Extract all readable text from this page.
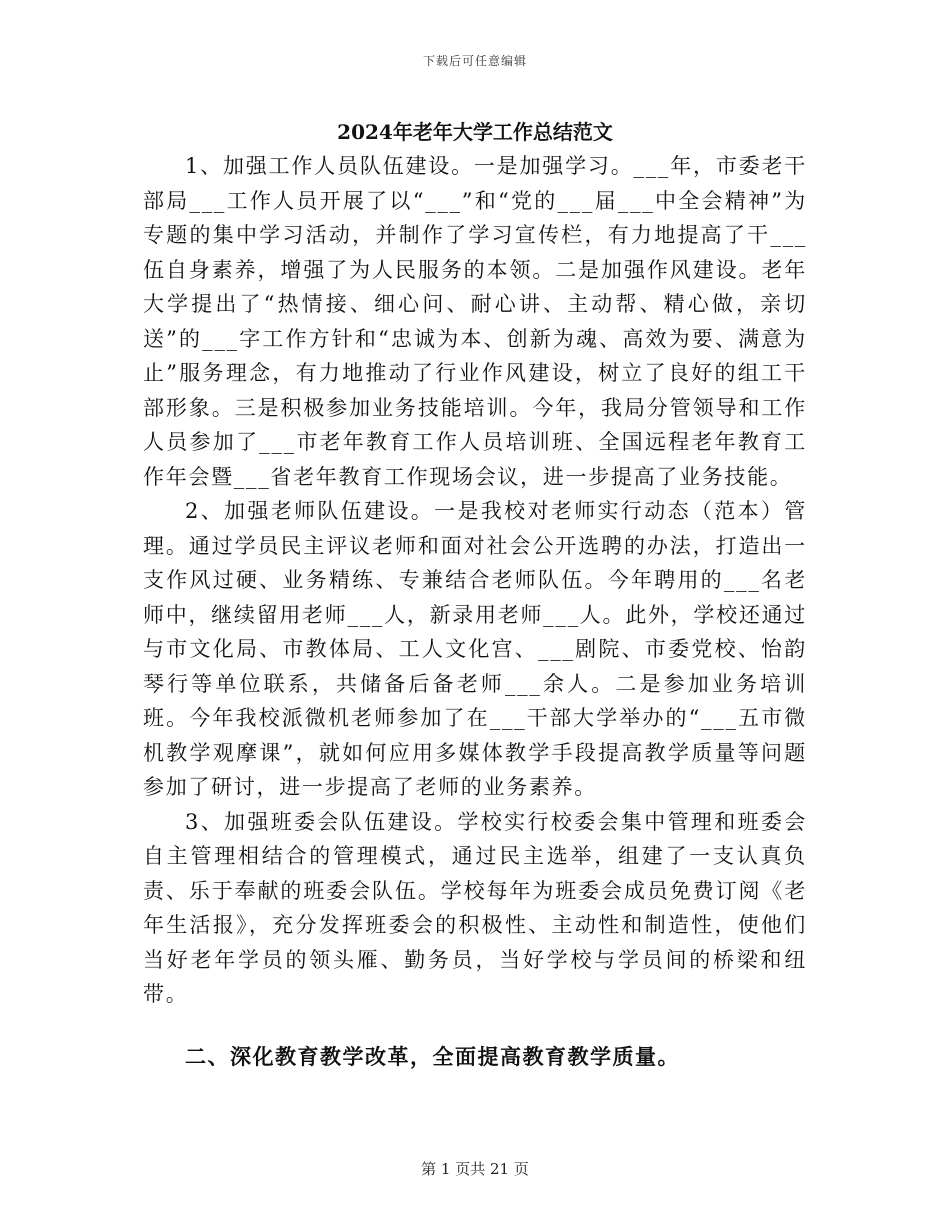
下载后可任意编辑
2024年老年大学工作总结范文

1、加强工作人员队伍建设。一是加强学习。___年，市委老干部局___工作人员开展了以“___”和“党的___届___中全会精神”为专题的集中学习活动，并制作了学习宣传栏，有力地提高了干___伍自身素养，增强了为人民服务的本领。二是加强作风建设。老年大学提出了“热情接、细心问、耐心讲、主动帮、精心做，亲切送”的___字工作方针和“忠诚为本、创新为魂、高效为要、满意为止”服务理念，有力地推动了行业作风建设，树立了良好的组工干部形象。三是积极参加业务技能培训。今年，我局分管领导和工作人员参加了___市老年教育工作人员培训班、全国远程老年教育工作年会暨___省老年教育工作现场会议，进一步提高了业务技能。

2、加强老师队伍建设。一是我校对老师实行动态（范本）管理。通过学员民主评议老师和面对社会公开选聘的办法，打造出一支作风过硬、业务精练、专兼结合老师队伍。今年聘用的___名老师中，继续留用老师___人，新录用老师___人。此外，学校还通过与市文化局、市教体局、工人文化宫、___剧院、市委党校、怡韵琴行等单位联系，共储备后备老师___余人。二是参加业务培训班。今年我校派微机老师参加了在___干部大学举办的“___五市微机教学观摩课”，就如何应用多媒体教学手段提高教学质量等问题参加了研讨，进一步提高了老师的业务素养。

3、加强班委会队伍建设。学校实行校委会集中管理和班委会自主管理相结合的管理模式，通过民主选举，组建了一支认真负责、乐于奉献的班委会队伍。学校每年为班委会成员免费订阅《老年生活报》，充分发挥班委会的积极性、主动性和制造性，使他们当好老年学员的领头雁、勤务员，当好学校与学员间的桥梁和纽带。

二、深化教育教学改革，全面提高教育教学质量。
第 1 页共 21 页
